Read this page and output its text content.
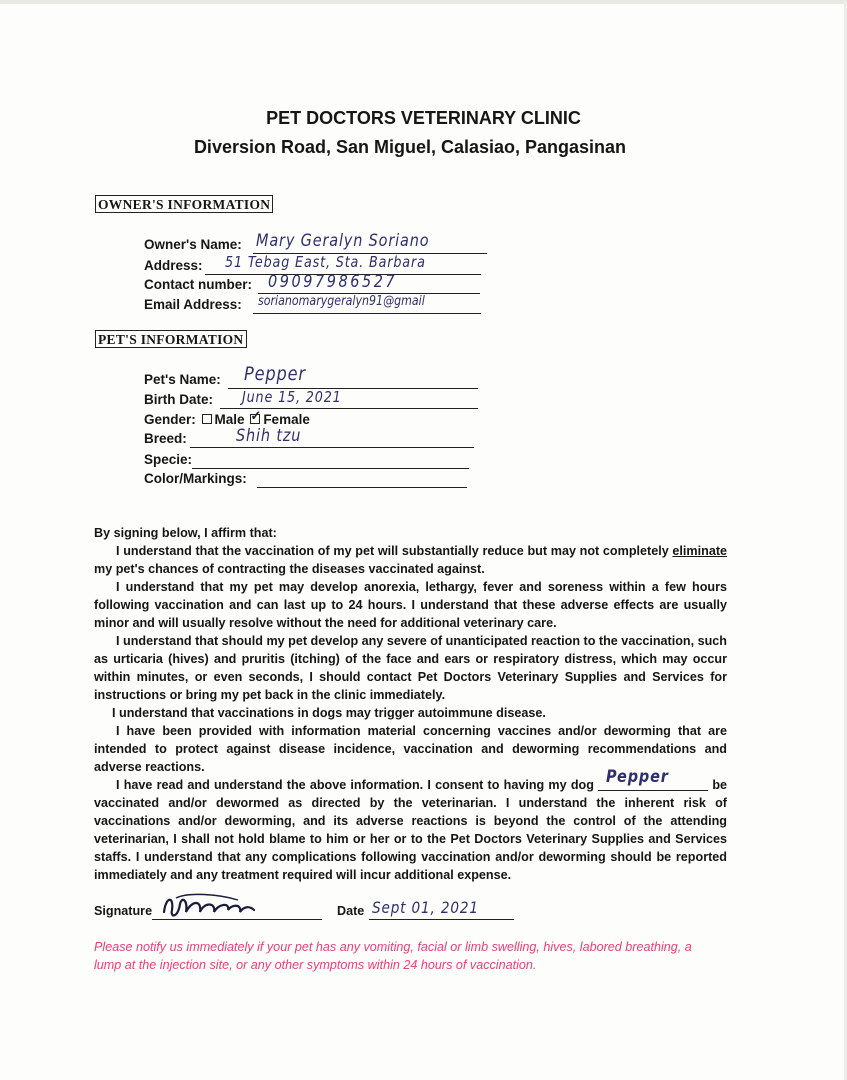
PET DOCTORS VETERINARY CLINIC
Diversion Road, San Miguel, Calasiao, Pangasinan
OWNER'S INFORMATION
Owner's Name: Mary Geralyn Soriano
Address: 51 Tebag East, Sta. Barbara
Contact number: 09097986527
Email Address: sorianomarygeralyn91@gmail
PET'S INFORMATION
Pet's Name: Pepper
Birth Date: June 15, 2021
Gender: Male ✓ Female
Breed:	Shih tzu
Specie:
Color/Markings:

By signing below, I affirm that:

I understand that the vaccination of my pet will substantially reduce but may not completely eliminate my pet's chances of contracting the diseases vaccinated against.

I understand that my pet may develop anorexia, lethargy, fever and soreness within a few hours following vaccination and can last up to 24 hours. I understand that these adverse effects are usually minor and will usually resolve without the need for additional veterinary care.

I understand that should my pet develop any severe of unanticipated reaction to the vaccination, such as urticaria (hives) and pruritis (itching) of the face and ears or respiratory distress, which may occur within minutes, or even seconds, I should contact Pet Doctors Veterinary Supplies and Services for instructions or bring my pet back in the clinic immediately.

I understand that vaccinations in dogs may trigger autoimmune disease.

I have been provided with information material concerning vaccines and/or deworming that are intended to protect against disease incidence, vaccination and deworming recommendations and adverse reactions.

I have read and understand the above information. I consent to having my dog Pepper	be vaccinated and/or dewormed as directed by the veterinarian. I understand the inherent risk of vaccinations and/or deworming, and its adverse reactions is beyond the control of the attending veterinarian, I shall not hold blame to him or her or to the Pet Doctors Veterinary Supplies and Services staffs. I understand that any complications following vaccination and/or deworming should be reported immediately and any treatment required will incur additional expense.

Signature	Date Sept 01, 2021
Please notify us immediately if your pet has any vomiting, facial or limb swelling, hives, labored breathing, a lump at the injection site, or any other symptoms within 24 hours of vaccination.
